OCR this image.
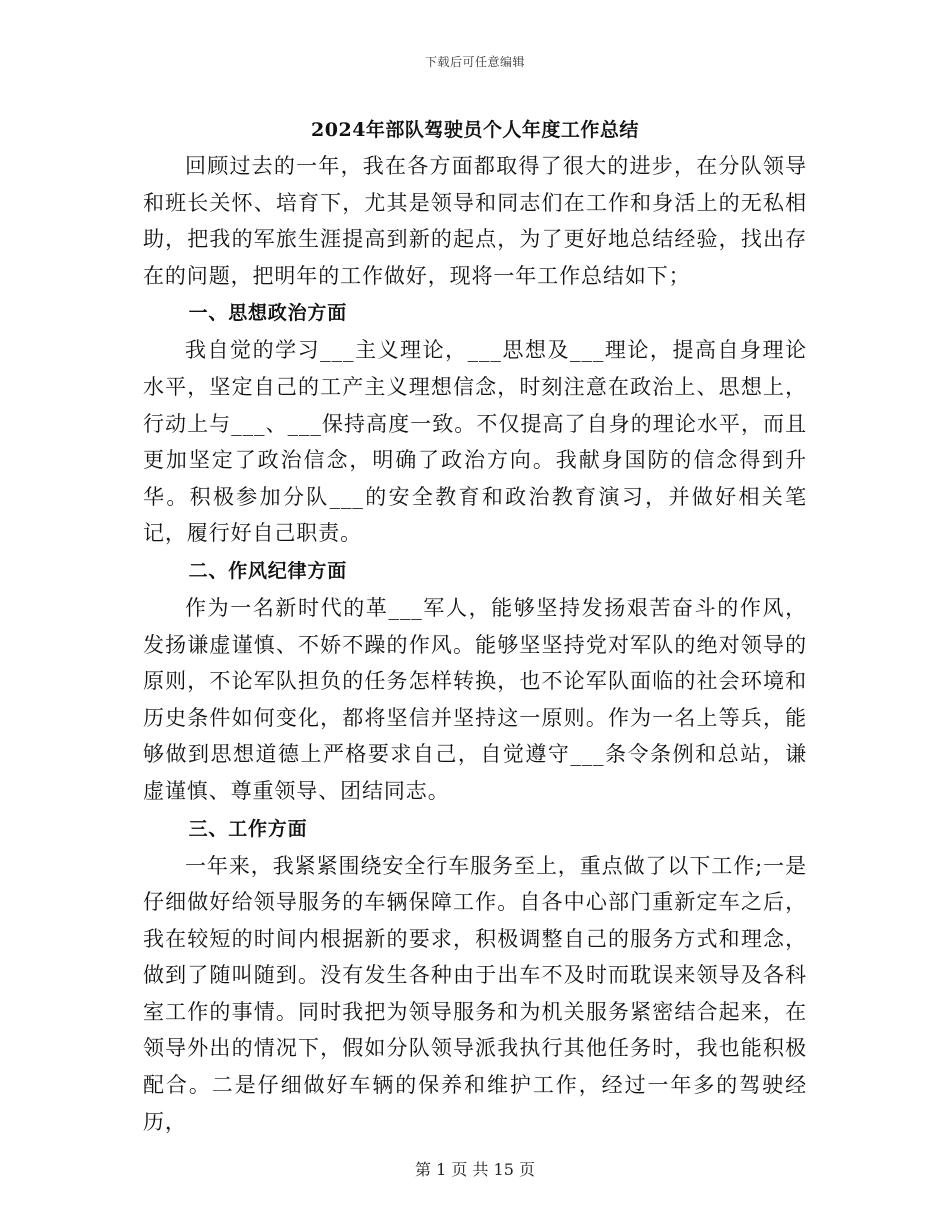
下载后可任意编辑
2024年部队驾驶员个人年度工作总结

回顾过去的一年，我在各方面都取得了很大的进步，在分队领导和班长关怀、培育下，尤其是领导和同志们在工作和身活上的无私相助，把我的军旅生涯提高到新的起点，为了更好地总结经验，找出存在的问题，把明年的工作做好，现将一年工作总结如下；

一、思想政治方面

我自觉的学习___主义理论，___思想及___理论，提高自身理论水平，坚定自己的工产主义理想信念，时刻注意在政治上、思想上，行动上与___、___保持高度一致。不仅提高了自身的理论水平，而且更加坚定了政治信念，明确了政治方向。我献身国防的信念得到升华。积极参加分队___的安全教育和政治教育演习，并做好相关笔记，履行好自己职责。

二、作风纪律方面

作为一名新时代的革___军人，能够坚持发扬艰苦奋斗的作风，发扬谦虚谨慎、不娇不躁的作风。能够坚坚持党对军队的绝对领导的原则，不论军队担负的任务怎样转换，也不论军队面临的社会环境和历史条件如何变化，都将坚信并坚持这一原则。作为一名上等兵，能够做到思想道德上严格要求自己，自觉遵守___条令条例和总站，谦虚谨慎、尊重领导、团结同志。

三、工作方面

一年来，我紧紧围绕安全行车服务至上，重点做了以下工作;一是仔细做好给领导服务的车辆保障工作。自各中心部门重新定车之后，我在较短的时间内根据新的要求，积极调整自己的服务方式和理念，做到了随叫随到。没有发生各种由于出车不及时而耽误来领导及各科室工作的事情。同时我把为领导服务和为机关服务紧密结合起来，在领导外出的情况下，假如分队领导派我执行其他任务时，我也能积极配合。二是仔细做好车辆的保养和维护工作，经过一年多的驾驶经历，

第 1 页 共 15 页
